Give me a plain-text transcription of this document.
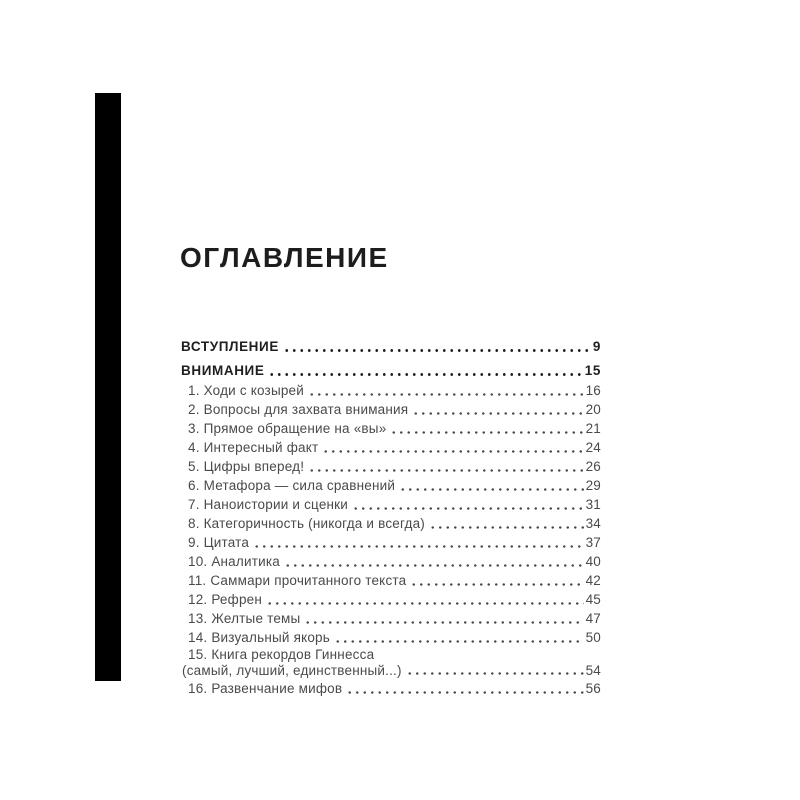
ОГЛАВЛЕНИЕ
ВСТУПЛЕНИЕ	9
ВНИМАНИЕ	15
1. Ходи с козырей	16
2. Вопросы для захвата внимания	20
3. Прямое обращение на «вы»	21
4. Интересный факт	24
5. Цифры вперед!	26
6. Метафора — сила сравнений	29
7. Наноистории и сценки	31
8. Категоричность (никогда и всегда)	34
9. Цитата	37
10. Аналитика	40
11. Саммари прочитанного текста	42
12. Рефрен	45
13. Желтые темы	47
14. Визуальный якорь	50
15. Книга рекордов Гиннесса
(самый, лучший, единственный...)	54
16. Развенчание мифов	56
